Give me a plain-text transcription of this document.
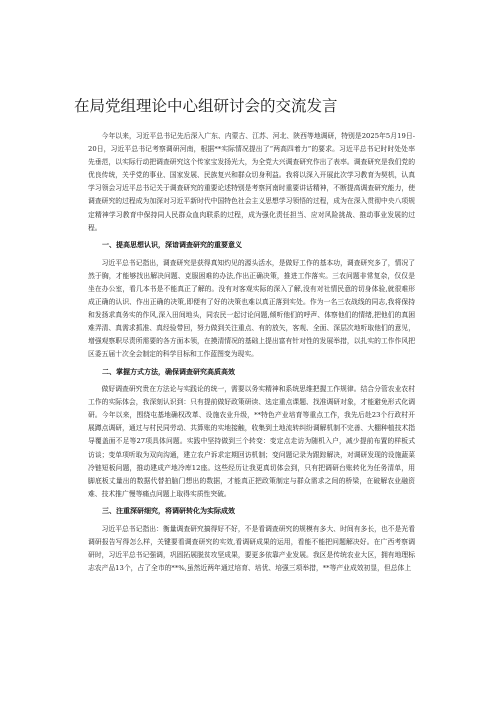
在局党组理论中心组研讨会的交流发言

今年以来，习近平总书记先后深入广东、内蒙古、江苏、河北、陕西等地调研，特别是2025年5月19日-20日，习近平总书记考察调研河南，根据**实际情况提出了“两高四着力”的要求。习近平总书记时时处处率先垂范，以实际行动把调查研究这个传家宝发扬光大，为全党大兴调查研究作出了表率。调查研究是我们党的优良传统，关乎党的事业、国家发展、民族复兴和群众切身利益。我将以深入开展此次学习教育为契机，认真学习领会习近平总书记关于调查研究的重要论述特别是考察河南时重要讲话精神，不断提高调查研究能力，使调查研究的过程成为加深对习近平新时代中国特色社会主义思想学习领悟的过程，成为在深入贯彻中央八项规定精神学习教育中保持同人民群众血肉联系的过程，成为强化责任担当、应对风险挑战、推动事业发展的过程。

一、提高思想认识，深谙调查研究的重要意义

习近平总书记指出，调查研究是获得真知灼见的源头活水，是做好工作的基本功，调查研究多了，情况了然于胸，才能够找出解决问题、克服困难的办法,作出正确决策，推进工作落实。三农问题非常复杂，仅仅是坐在办公室，看几本书是不能真正了解的。没有对客观实际的深入了解,没有对社情民意的切身体验,就很难形成正确的认识、作出正确的决策,即便有了好的决策也难以真正落到实处。作为一名三农战线的同志,我将保持和发扬求真务实的作风,深入田间地头，同农民一起讨论问题,倾听他们的呼声、体察他们的情绪,把他们的真困难弄清、真需求抓准、真经验带回，努力做到关注重点、有的放矢，客观、全面、深层次地听取他们的意见，增强观察职尽责所需要的各方面本领，在摸清情况的基础上提出富有针对性的发展举措，以扎实的工作作风把区委五届十次全会制定的科学目标和工作蓝图变为现实。

二、掌握方式方法，确保调查研究高质高效

做好调查研究贵在方法论与实践论的统一，需要以务实精神和系统思维把握工作规律。结合分管农业农村工作的实际体会，我深刻认识到：只有提前做好政策研读、选定重点课题、找准调研对象，才能避免形式化调研。今年以来，围绕屯基地确权改革、设施农业升级，**特色产业培育等重点工作，我先后赴23个行政村开展蹲点调研，通过与村民同劳动、共算账的实地接触，收集到土地流转纠纷调解机制不完善、大棚种植技术指导覆盖面不足等27项具体问题。实践中坚持做到三个转变：变定点走访为随机入户，减少提前布置的样板式访谈；变单项听取为双向沟通，建立农户诉求定期回访机制；变问题记录为跟踪解决，对调研发现的设施蔬菜冷链短板问题，推动建成产地冷库12座。这些经历让我更真切体会到，只有把调研台账转化为任务清单，用脚底板丈量出的数据代替拍脑门想出的数据，才能真正把政策制定与群众需求之间的桥梁，在破解农业融资难、技术推广慢等痛点问题上取得实质性突破。

三、注重深研细究，将调研转化为实际成效

习近平总书记指出：衡量调查研究搞得好不好，不是看调查研究的规模有多大、时间有多长，也不是光看调研报告写得怎么样，关键要看调查研究的实效,看调研成果的运用，看能不能把问题解决好。在广西考察调研时，习近平总书记强调，巩固拓展脱贫攻坚成果，要更多依靠产业发展。我区是传统农业大区，拥有地理标志农产品13个，占了全市的**%,虽然近两年通过培育、培优、培强三项举措，**等产业成效初显，但总体上
